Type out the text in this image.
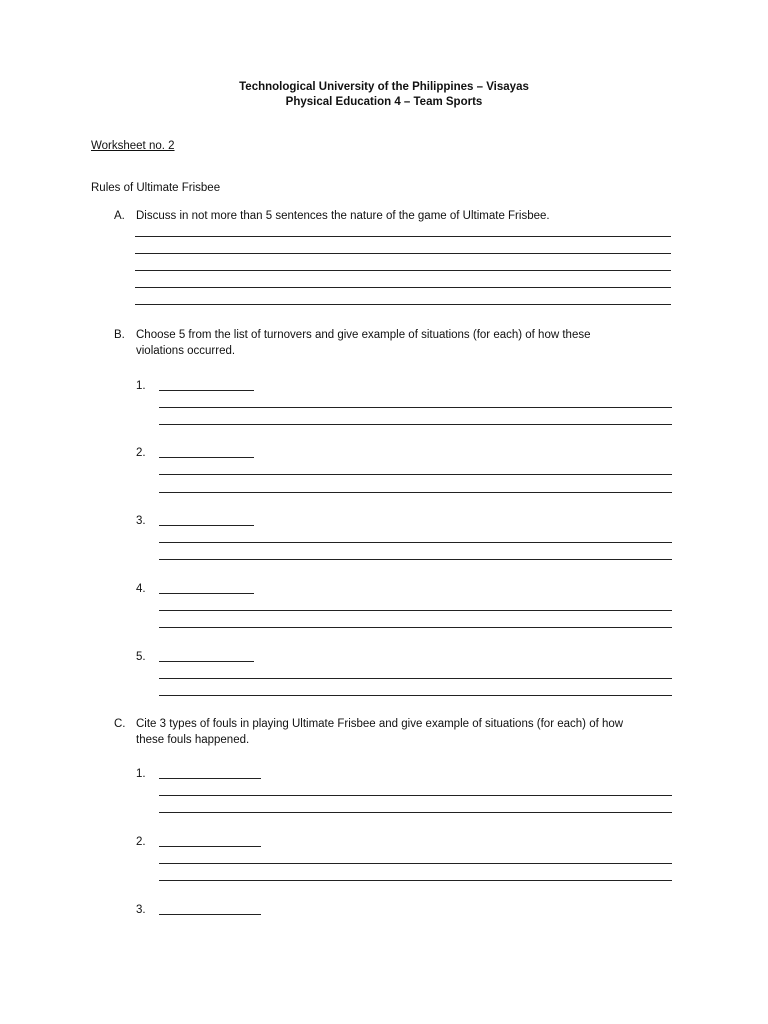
Technological University of the Philippines – Visayas
Physical Education 4 – Team Sports
Worksheet no. 2
Rules of Ultimate Frisbee
A. Discuss in not more than 5 sentences the nature of the game of Ultimate Frisbee.
B. Choose 5 from the list of turnovers and give example of situations (for each) of how these
violations occurred.
1.
2.
3.
4.
5.
C. Cite 3 types of fouls in playing Ultimate Frisbee and give example of situations (for each) of how
these fouls happened.
1.
2.
3.
